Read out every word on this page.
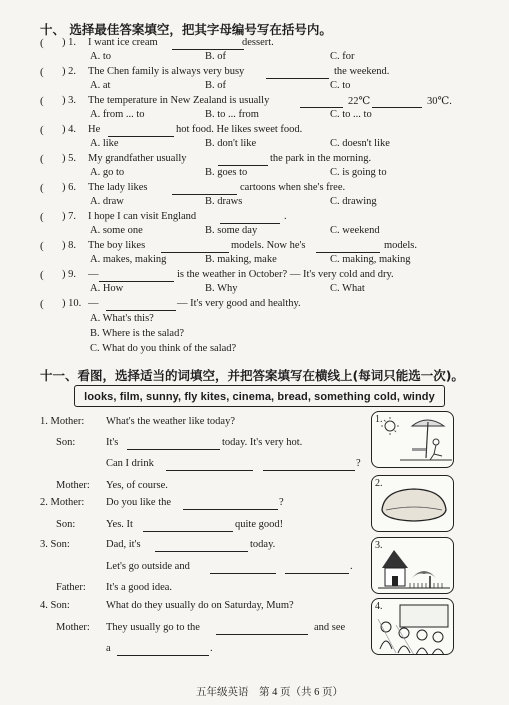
十、 选择最佳答案填空，把其字母编号写在括号内。
( ) 1. I want ice cream	dessert.
A. to	B. of	C. for
( ) 2. The Chen family is always very busy	the weekend.
A. at	B. of	C. to
( ) 3. The temperature in New Zealand is usually	22℃	30℃.
A. from ... to	B. to ... from	C. to ... to
( ) 4. He	hot food. He likes sweet food.
A. like	B. don't like	C. doesn't like
( ) 5. My grandfather usually	the park in the morning.
A. go to	B. goes to	C. is going to
( ) 6. The lady likes	cartoons when she's free.
A. draw	B. draws	C. drawing
( ) 7. I hope I can visit England	.
A. some one	B. some day	C. weekend
( ) 8. The boy likes	models. Now he's	models.
A. makes, making	B. making, make	C. making, making
( ) 9. —	is the weather in October? — It's very cold and dry.
A. How	B. Why	C. What
( ) 10. —	— It's very good and healthy.
A. What's this?
B. Where is the salad?
C. What do you think of the salad?
十一、看图，选择适当的词填空，并把答案填写在横线上(每词只能选一次)。
looks, film, sunny, fly kites, cinema, bread, something cold, windy
1. Mother: What's the weather like today?
Son:	It's	today. It's very hot.
Can I drink	?
Mother: Yes, of course.
2. Mother: Do you like the	?
Son:	Yes. It	quite good!
3. Son:	Dad, it's	today.
Let's go outside and	.
Father: It's a good idea.
4. Son:	What do they usually do on Saturday, Mum?
Mother: They usually go to the	and see
a	.
1.
2.
3.
4.
五年级英语　第 4 页（共 6 页）
